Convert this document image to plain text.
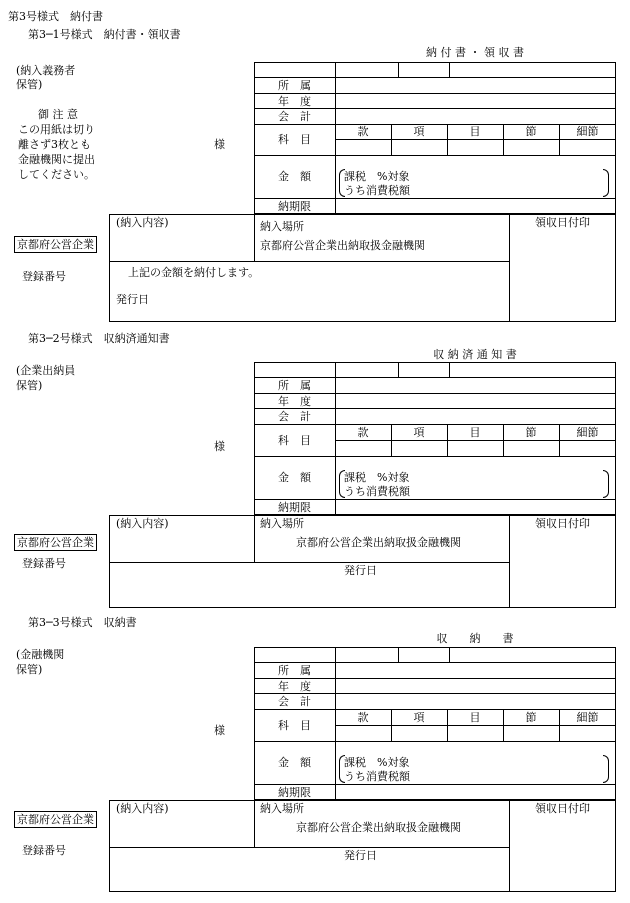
第3号様式　納付書
第3─1号様式　納付書・領収書
納 付 書 ・ 領 収 書
(納入義務者
保管)
御 注 意
この用紙は切り
離さず3枚とも
金融機関に提出
してください。
様
所　属
年　度
会　計
科　目
金　額
納期限
款	項	目	節	細節
課税　%対象
うち消費税額
(納入内容)	納入場所
京都府公営企業出納取扱金融機関
領収日付印
上記の金額を納付します。
発行日
京都府公営企業
登録番号
第3─2号様式　収納済通知書
収 納 済 通 知 書
(企業出納員
保管)
様
所　属
年　度
会　計
科　目
金　額
納期限
款	項	目	節	細節
課税　%対象
うち消費税額
(納入内容)	納入場所
京都府公営企業出納取扱金融機関
領収日付印
発行日
京都府公営企業
登録番号
第3─3号様式　収納書
収　　納　　書
(金融機関
保管)
様
所　属
年　度
会　計
科　目
金　額
納期限
款	項	目	節	細節
課税　%対象
うち消費税額
(納入内容)	納入場所
京都府公営企業出納取扱金融機関
領収日付印
発行日
京都府公営企業
登録番号
